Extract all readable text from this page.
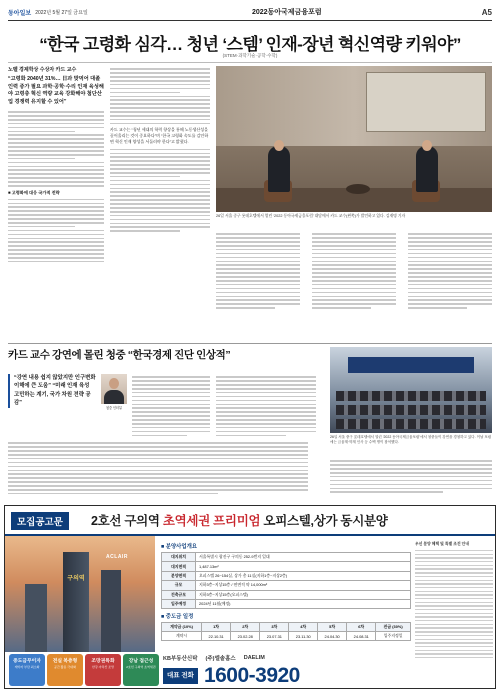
동아일보 2022년 5월 27일 금요일	2022동아국제금융포럼	A5
“한국 고령화 심각… 청년 ‘스템’ 인재-장년 혁신역량 키워야”
(STEM·과학기술·공학·수학)
노벨 경제학상 수상자 카드 교수
“고령화 2040년 31%… 日과 맞먹어 대졸 인력 증가 필요 과학·공학·수리 인재 육성해야 고령층 혁신 역량 교육 강화해야 첨단산업 경쟁력 유지할 수 있어”
■ 고령화에 대응 국가적 전략
카드 교수는 “청년 세대의 학력 향상을 통해 노동생산성을 끌어올리는 것이 중요하다”며 “한국 고령화 속도를 감안하면 혁신 인재 양성을 서둘러야 한다”고 밝혔다.
26일 서울 중구 롯데호텔에서 열린 ‘2022 동아국제금융포럼’ 대담에서 카드 교수(왼쪽)가 발언하고 있다. 김재명 기자
카드 교수 강연에 몰린 청중 “한국경제 진단 인상적”
“강연 내용 쉽지 않았지만 인구변화 이해에 큰 도움” “미래 인재 육성 고민하는 계기, 국가 차원 전략 공감”
청중 인터뷰
26일 서울 중구 롯데호텔에서 열린 ‘2022 동아국제금융포럼’에서 청중들이 강연을 경청하고 있다. 이날 포럼에는 금융계·학계 인사 등 수백 명이 참석했다.
모집공고문	2호선 구의역 초역세권 프리미엄 오피스텔,상가 동시분양
ACLAIR
구의역
■ 분양사업개요
대지위치	서울특별시 광진구 구의동 252-9번지 일대
대지면적	1,487.13m²
분양면적	오피스텔 26~154실, 상가 총 11실(지하1층~지상2층)
규모	지하3층~지상15층 / 연면적 약 14,000m²
건축규모	지하3층~지상15층(오피스텔)
입주예정	2024년 11월(예정)
■ 중도금 일정
계약금 (10%)	1차	2차	3차	4차	5차	6차	잔금 (30%)
계약시	22.10.31	23.02.28	23.07.31	23.11.30	24.04.30	24.08.31	입주지정일
우선 분양 혜택 및 특별 조건 안내
중도금무이자
계약자 부담 최소화
전실 복층형
공간 활용 극대화
조망권특화
한강·아차산 조망
강남 접근성
2호선 구의역 초역세권
KB부동산신탁 (주)엘솔홈스 DAELIM
대표 전화 1600-3920
